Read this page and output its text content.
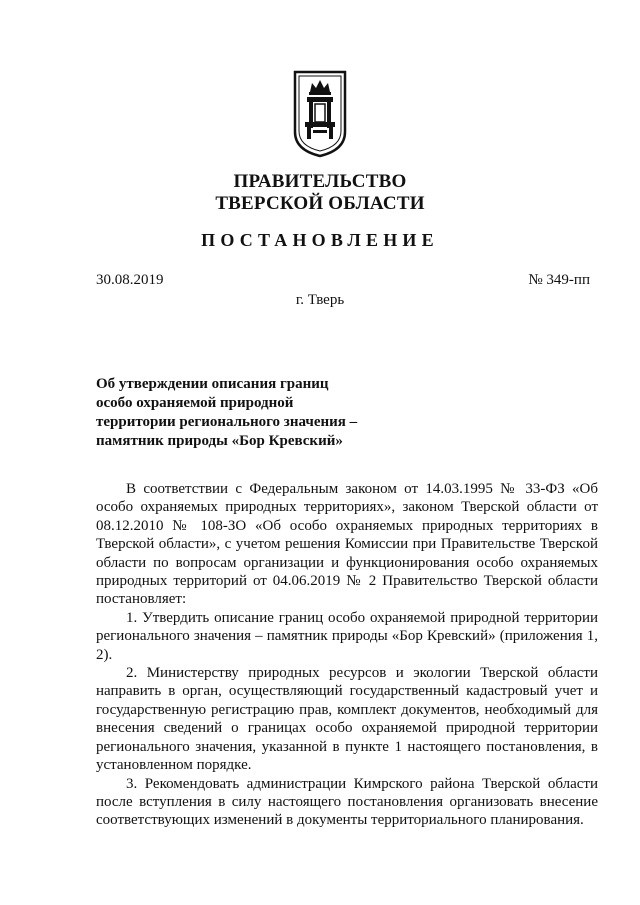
ПРАВИТЕЛЬСТВО
ТВЕРСКОЙ ОБЛАСТИ
ПОСТАНОВЛЕНИЕ
30.08.2019	№ 349-пп
г. Тверь
Об утверждении описания границ
особо охраняемой природной
территории регионального значения –
памятник природы «Бор Кревский»

В соответствии с Федеральным законом от 14.03.1995 № 33-ФЗ «Об особо охраняемых природных территориях», законом Тверской области от 08.12.2010 № 108-ЗО «Об особо охраняемых природных территориях в Тверской области», с учетом решения Комиссии при Правительстве Тверской области по вопросам организации и функционирования особо охраняемых природных территорий от 04.06.2019 № 2 Правительство Тверской области постановляет:

1. Утвердить описание границ особо охраняемой природной территории регионального значения – памятник природы «Бор Кревский» (приложения 1, 2).

2. Министерству природных ресурсов и экологии Тверской области направить в орган, осуществляющий государственный кадастровый учет и государственную регистрацию прав, комплект документов, необходимый для внесения сведений о границах особо охраняемой природной территории регионального значения, указанной в пункте 1 настоящего постановления, в установленном порядке.

3. Рекомендовать администрации Кимрского района Тверской области после вступления в силу настоящего постановления организовать внесение соответствующих изменений в документы территориального планирования.
